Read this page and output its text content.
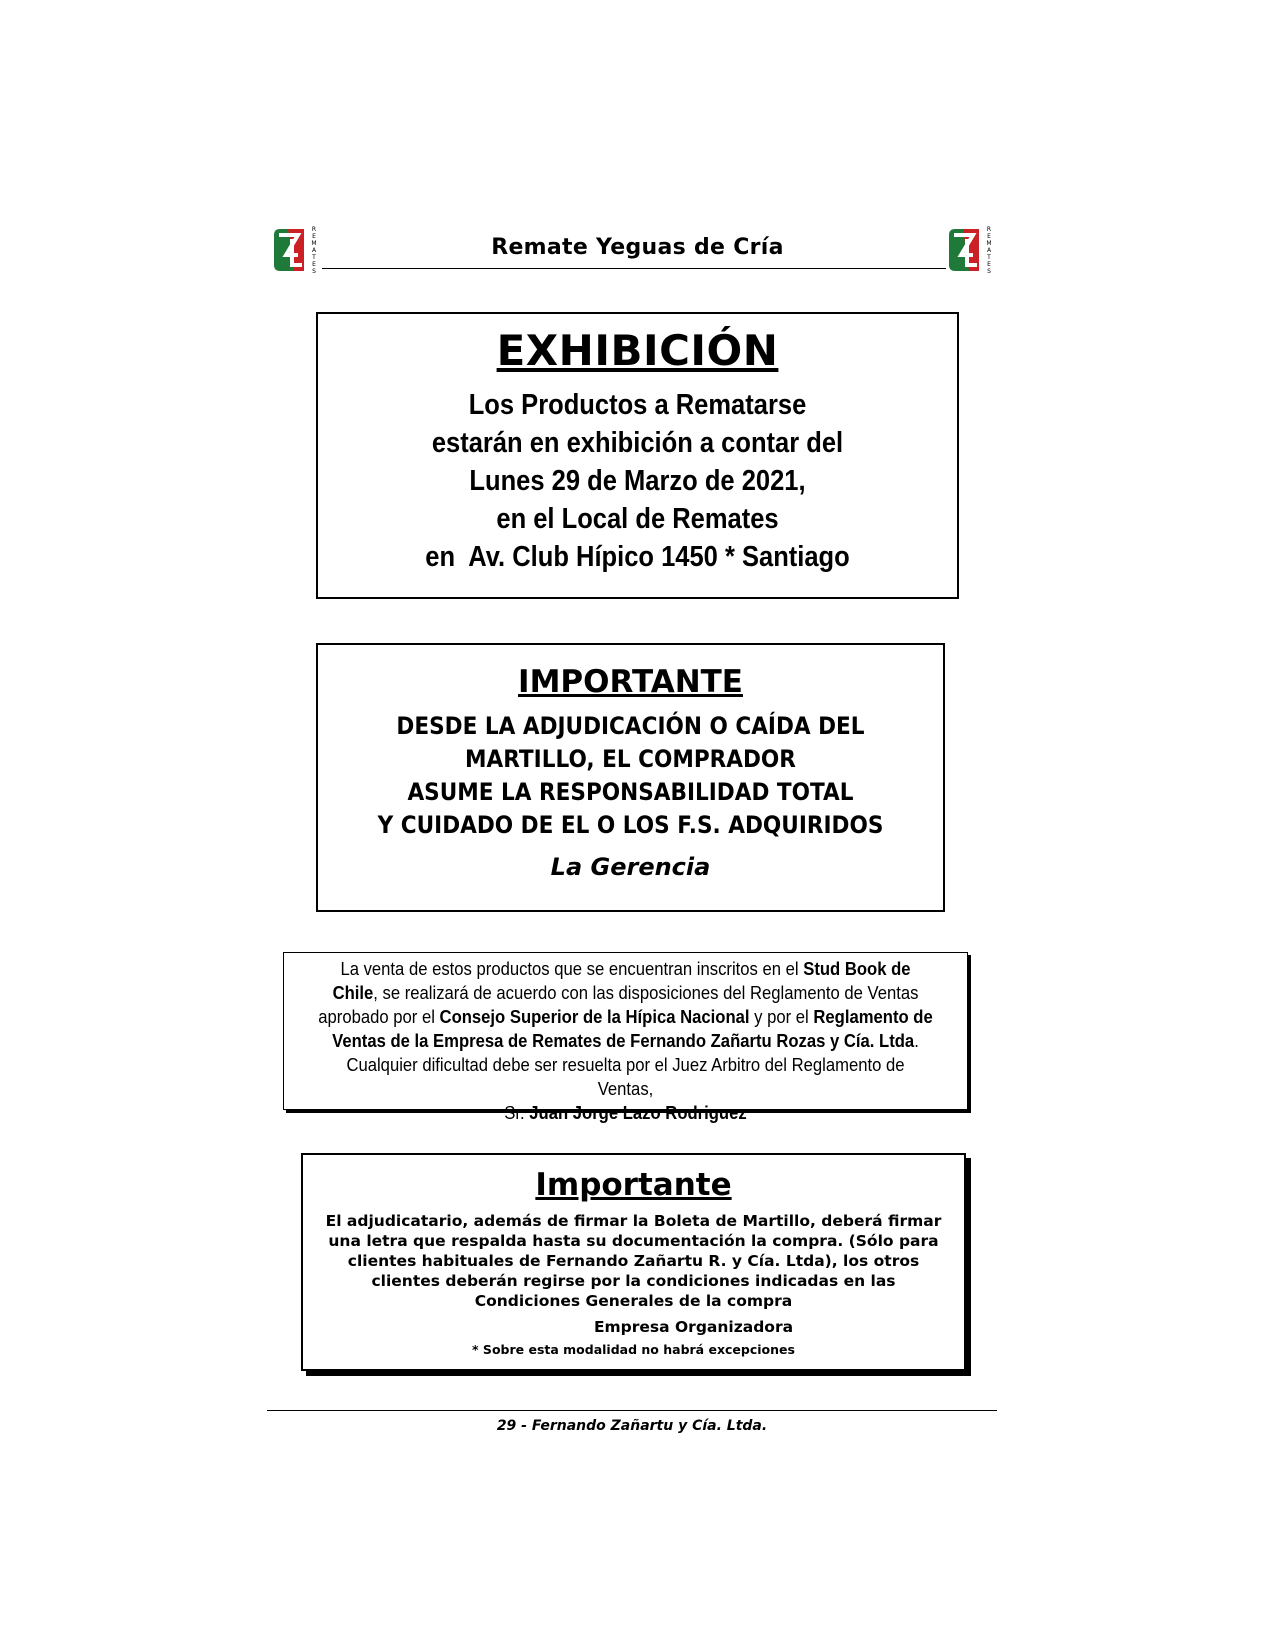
R E M A T E S
Remate Yeguas de Cría
R E M A T E S
EXHIBICIÓN
Los Productos a Rematarse
estarán en exhibición a contar del
Lunes 29 de Marzo de 2021,
en el Local de Remates
en  Av. Club Hípico 1450 * Santiago
IMPORTANTE
DESDE LA ADJUDICACIÓN O CAÍDA DEL
MARTILLO, EL COMPRADOR
ASUME LA RESPONSABILIDAD TOTAL
Y CUIDADO DE EL O LOS F.S. ADQUIRIDOS
La Gerencia
La venta de estos productos que se encuentran inscritos en el Stud Book de Chile, se realizará de acuerdo con las disposiciones del Reglamento de Ventas aprobado por el Consejo Superior de la Hípica Nacional y por el Reglamento de Ventas de la Empresa de Remates de Fernando Zañartu Rozas y Cía. Ltda. Cualquier dificultad debe ser resuelta por el Juez Arbitro del Reglamento de Ventas,
Sr. Juan Jorge Lazo Rodriguez
Importante
El adjudicatario, además de firmar la Boleta de Martillo, deberá firmar una letra que respalda hasta su documentación la compra. (Sólo para clientes habituales de Fernando Zañartu R. y Cía. Ltda), los otros clientes deberán regirse por la condiciones indicadas en las Condiciones Generales de la compra
Empresa Organizadora
* Sobre esta modalidad no habrá excepciones
29 - Fernando Zañartu y Cía. Ltda.
